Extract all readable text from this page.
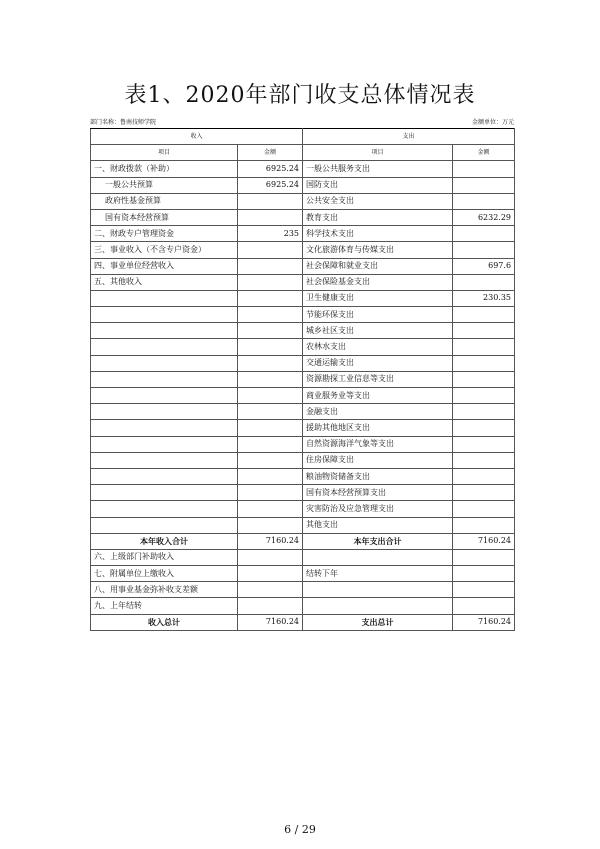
表1、2020年部门收支总体情况表
部门名称：鲁南技师学院	金额单位：万元
收入		支出	
项目	金额	项目	金额
一、财政拨款（补助）	6925.24	一般公共服务支出	
一般公共预算	6925.24	国防支出	
政府性基金预算		公共安全支出	
国有资本经营预算		教育支出	6232.29
二、财政专户管理资金	235	科学技术支出	
三、事业收入（不含专户资金）		文化旅游体育与传媒支出	
四、事业单位经营收入		社会保障和就业支出	697.6
五、其他收入		社会保险基金支出	
		卫生健康支出	230.35
		节能环保支出	
		城乡社区支出	
		农林水支出	
		交通运输支出	
		资源勘探工业信息等支出	
		商业服务业等支出	
		金融支出	
		援助其他地区支出	
		自然资源海洋气象等支出	
		住房保障支出	
		粮油物资储备支出	
		国有资本经营预算支出	
		灾害防治及应急管理支出	
		其他支出	
本年收入合计	7160.24	本年支出合计	7160.24
六、上级部门补助收入			
七、附属单位上缴收入		结转下年	
八、用事业基金弥补收支差额			
九、上年结转			
收入总计	7160.24	支出总计	7160.24
6 / 29
